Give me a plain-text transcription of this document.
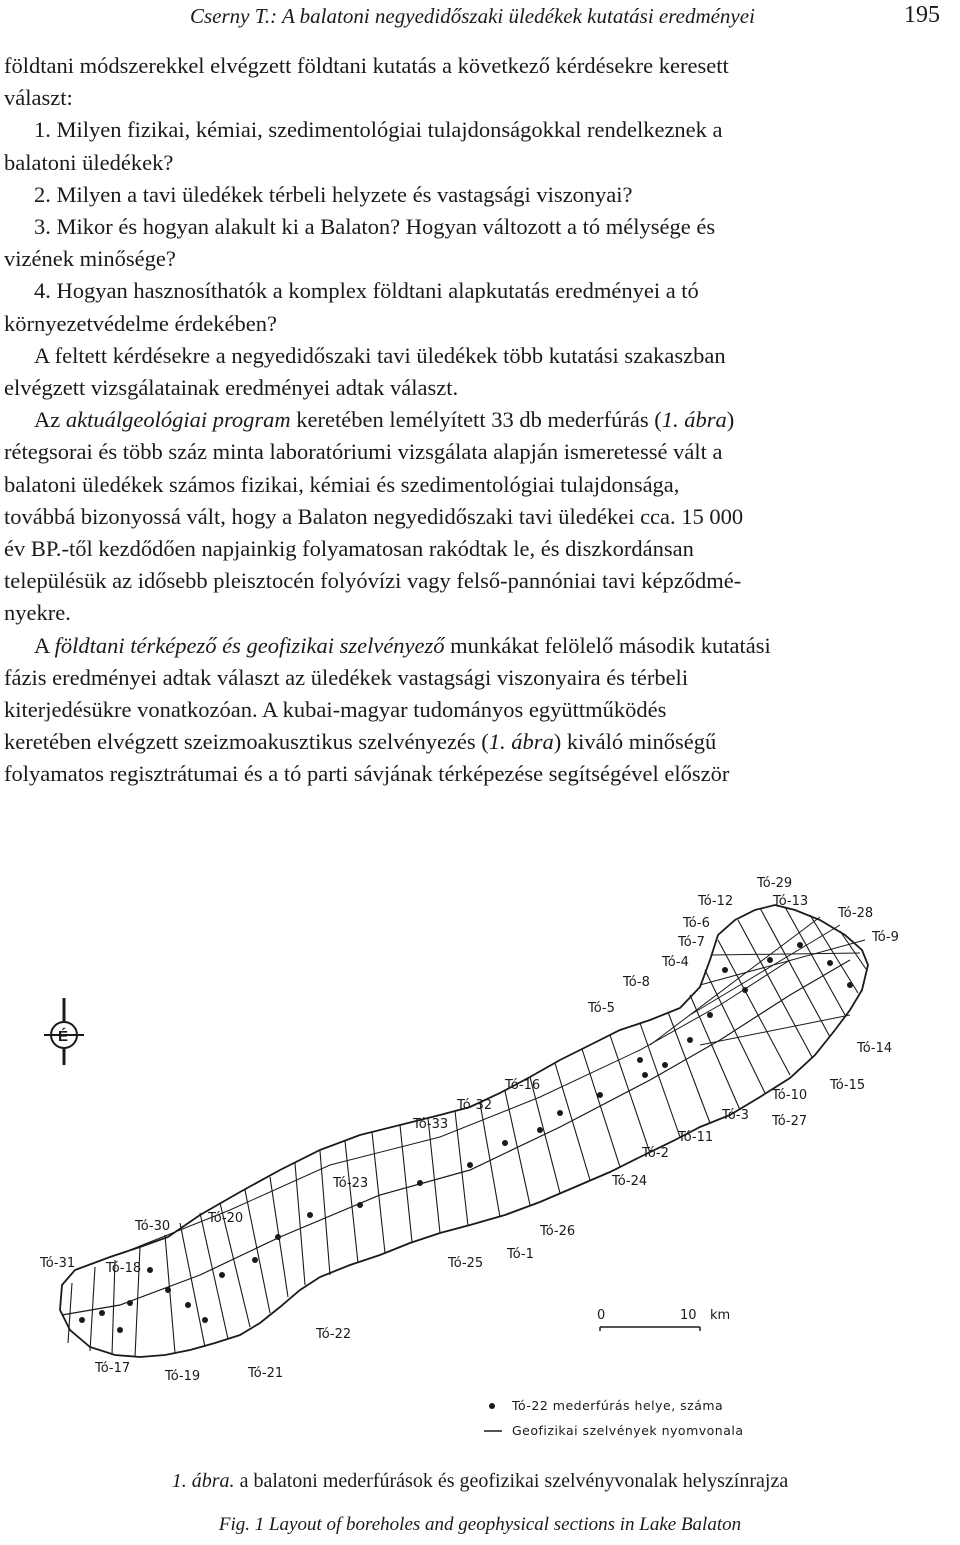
Cserny T.: A balatoni negyedidőszaki üledékek kutatási eredményei	195

földtani módszerekkel elvégzett földtani kutatás a következő kérdésekre keresett
választ:

1. Milyen fizikai, kémiai, szedimentológiai tulajdonságokkal rendelkeznek a

balatoni üledékek?

2. Milyen a tavi üledékek térbeli helyzete és vastagsági viszonyai?

3. Mikor és hogyan alakult ki a Balaton? Hogyan változott a tó mélysége és

vizének minősége?

4. Hogyan hasznosíthatók a komplex földtani alapkutatás eredményei a tó

környezetvédelme érdekében?

A feltett kérdésekre a negyedidőszaki tavi üledékek több kutatási szakaszban

elvégzett vizsgálatainak eredményei adtak választ.

Az aktuálgeológiai program keretében lemélyített 33 db mederfúrás (1. ábra)

rétegsorai és több száz minta laboratóriumi vizsgálata alapján ismeretessé vált a
balatoni üledékek számos fizikai, kémiai és szedimentológiai tulajdonsága,
továbbá bizonyossá vált, hogy a Balaton negyedidőszaki tavi üledékei cca. 15 000
év BP.-től kezdődően napjainkig folyamatosan rakódtak le, és diszkordánsan
településük az idősebb pleisztocén folyóvízi vagy felső-pannóniai tavi képződmé-
nyekre.

A földtani térképező és geofizikai szelvényező munkákat felölelő második kutatási

fázis eredményei adtak választ az üledékek vastagsági viszonyaira és térbeli
kiterjedésükre vonatkozóan. A kubai-magyar tudományos együttműködés
keretében elvégzett szeizmoakusztikus szelvényezés (1. ábra) kiváló minőségű
folyamatos regisztrátumai és a tó parti sávjának térképezése segítségével először

É
Tó-29
Tó-12	Tó-13
Tó-6
Tó-28
Tó-7	Tó-9
Tó-4
Tó-8
Tó-5
Tó-14
Tó-16	Tó-15
Tó-10
Tó-32
Tó-33
Tó-3 Tó-27
Tó-11
Tó-2
Tó-23	Tó-24
Tó-30
Tó-20
Tó-26
Tó-1
Tó-31 Tó-18	Tó-25
Tó-22
Tó-17
Tó-19	Tó-21
0	10 km
Tó-22 mederfúrás helye, száma
Geofizikai szelvények nyomvonala
1. ábra. a balatoni mederfúrások és geofizikai szelvényvonalak helyszínrajza
Fig. 1 Layout of boreholes and geophysical sections in Lake Balaton
